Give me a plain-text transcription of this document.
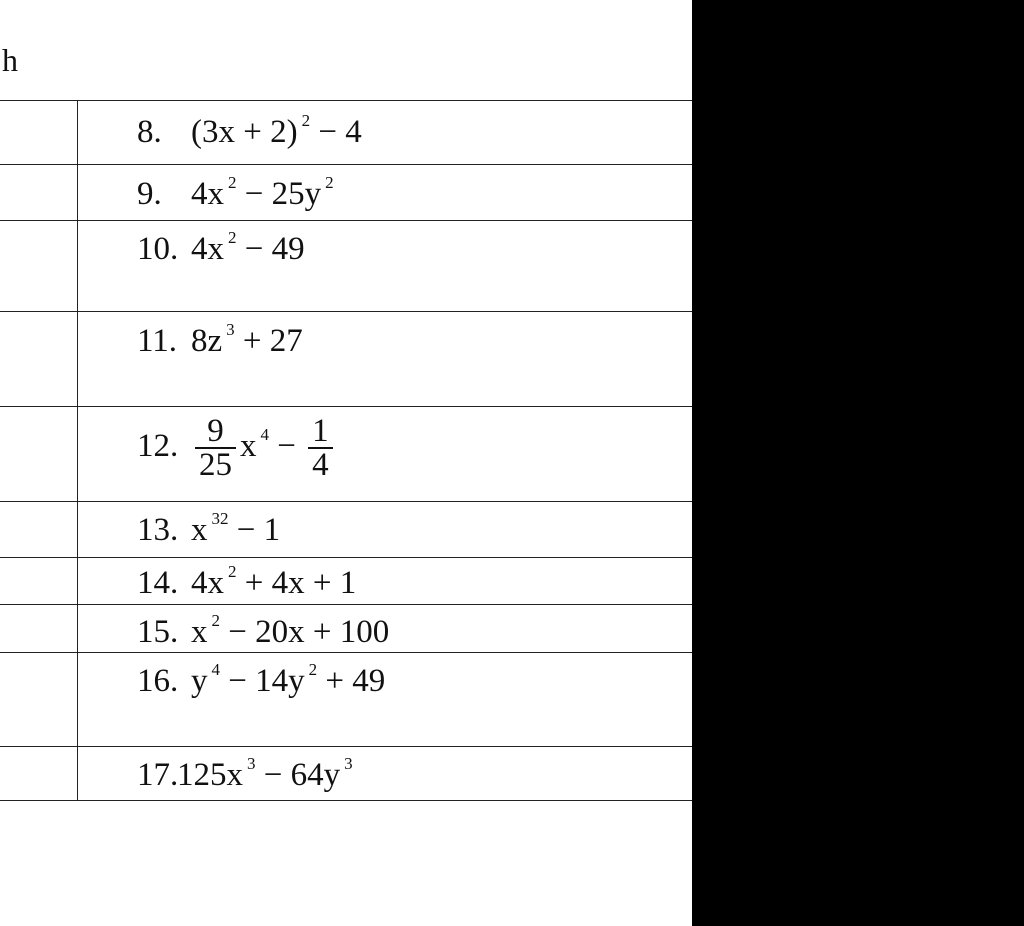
h
8. (3x + 2) $^2$ − 4
9. 4x $^2$ − 25y $^2$
10. 4x $^2$ − 49
11. 8z $^3$ + 27
12. $\frac{9}{25}$ x $^4 - \frac{1}{4}$
13. x $^{32}$ − 1
14. 4x $^2$ + 4x + 1
15. x $^2$ − 20x + 100
16. y $^4$ − 14y $^2$ + 49
17.125x $^3$ − 64y $^3$
